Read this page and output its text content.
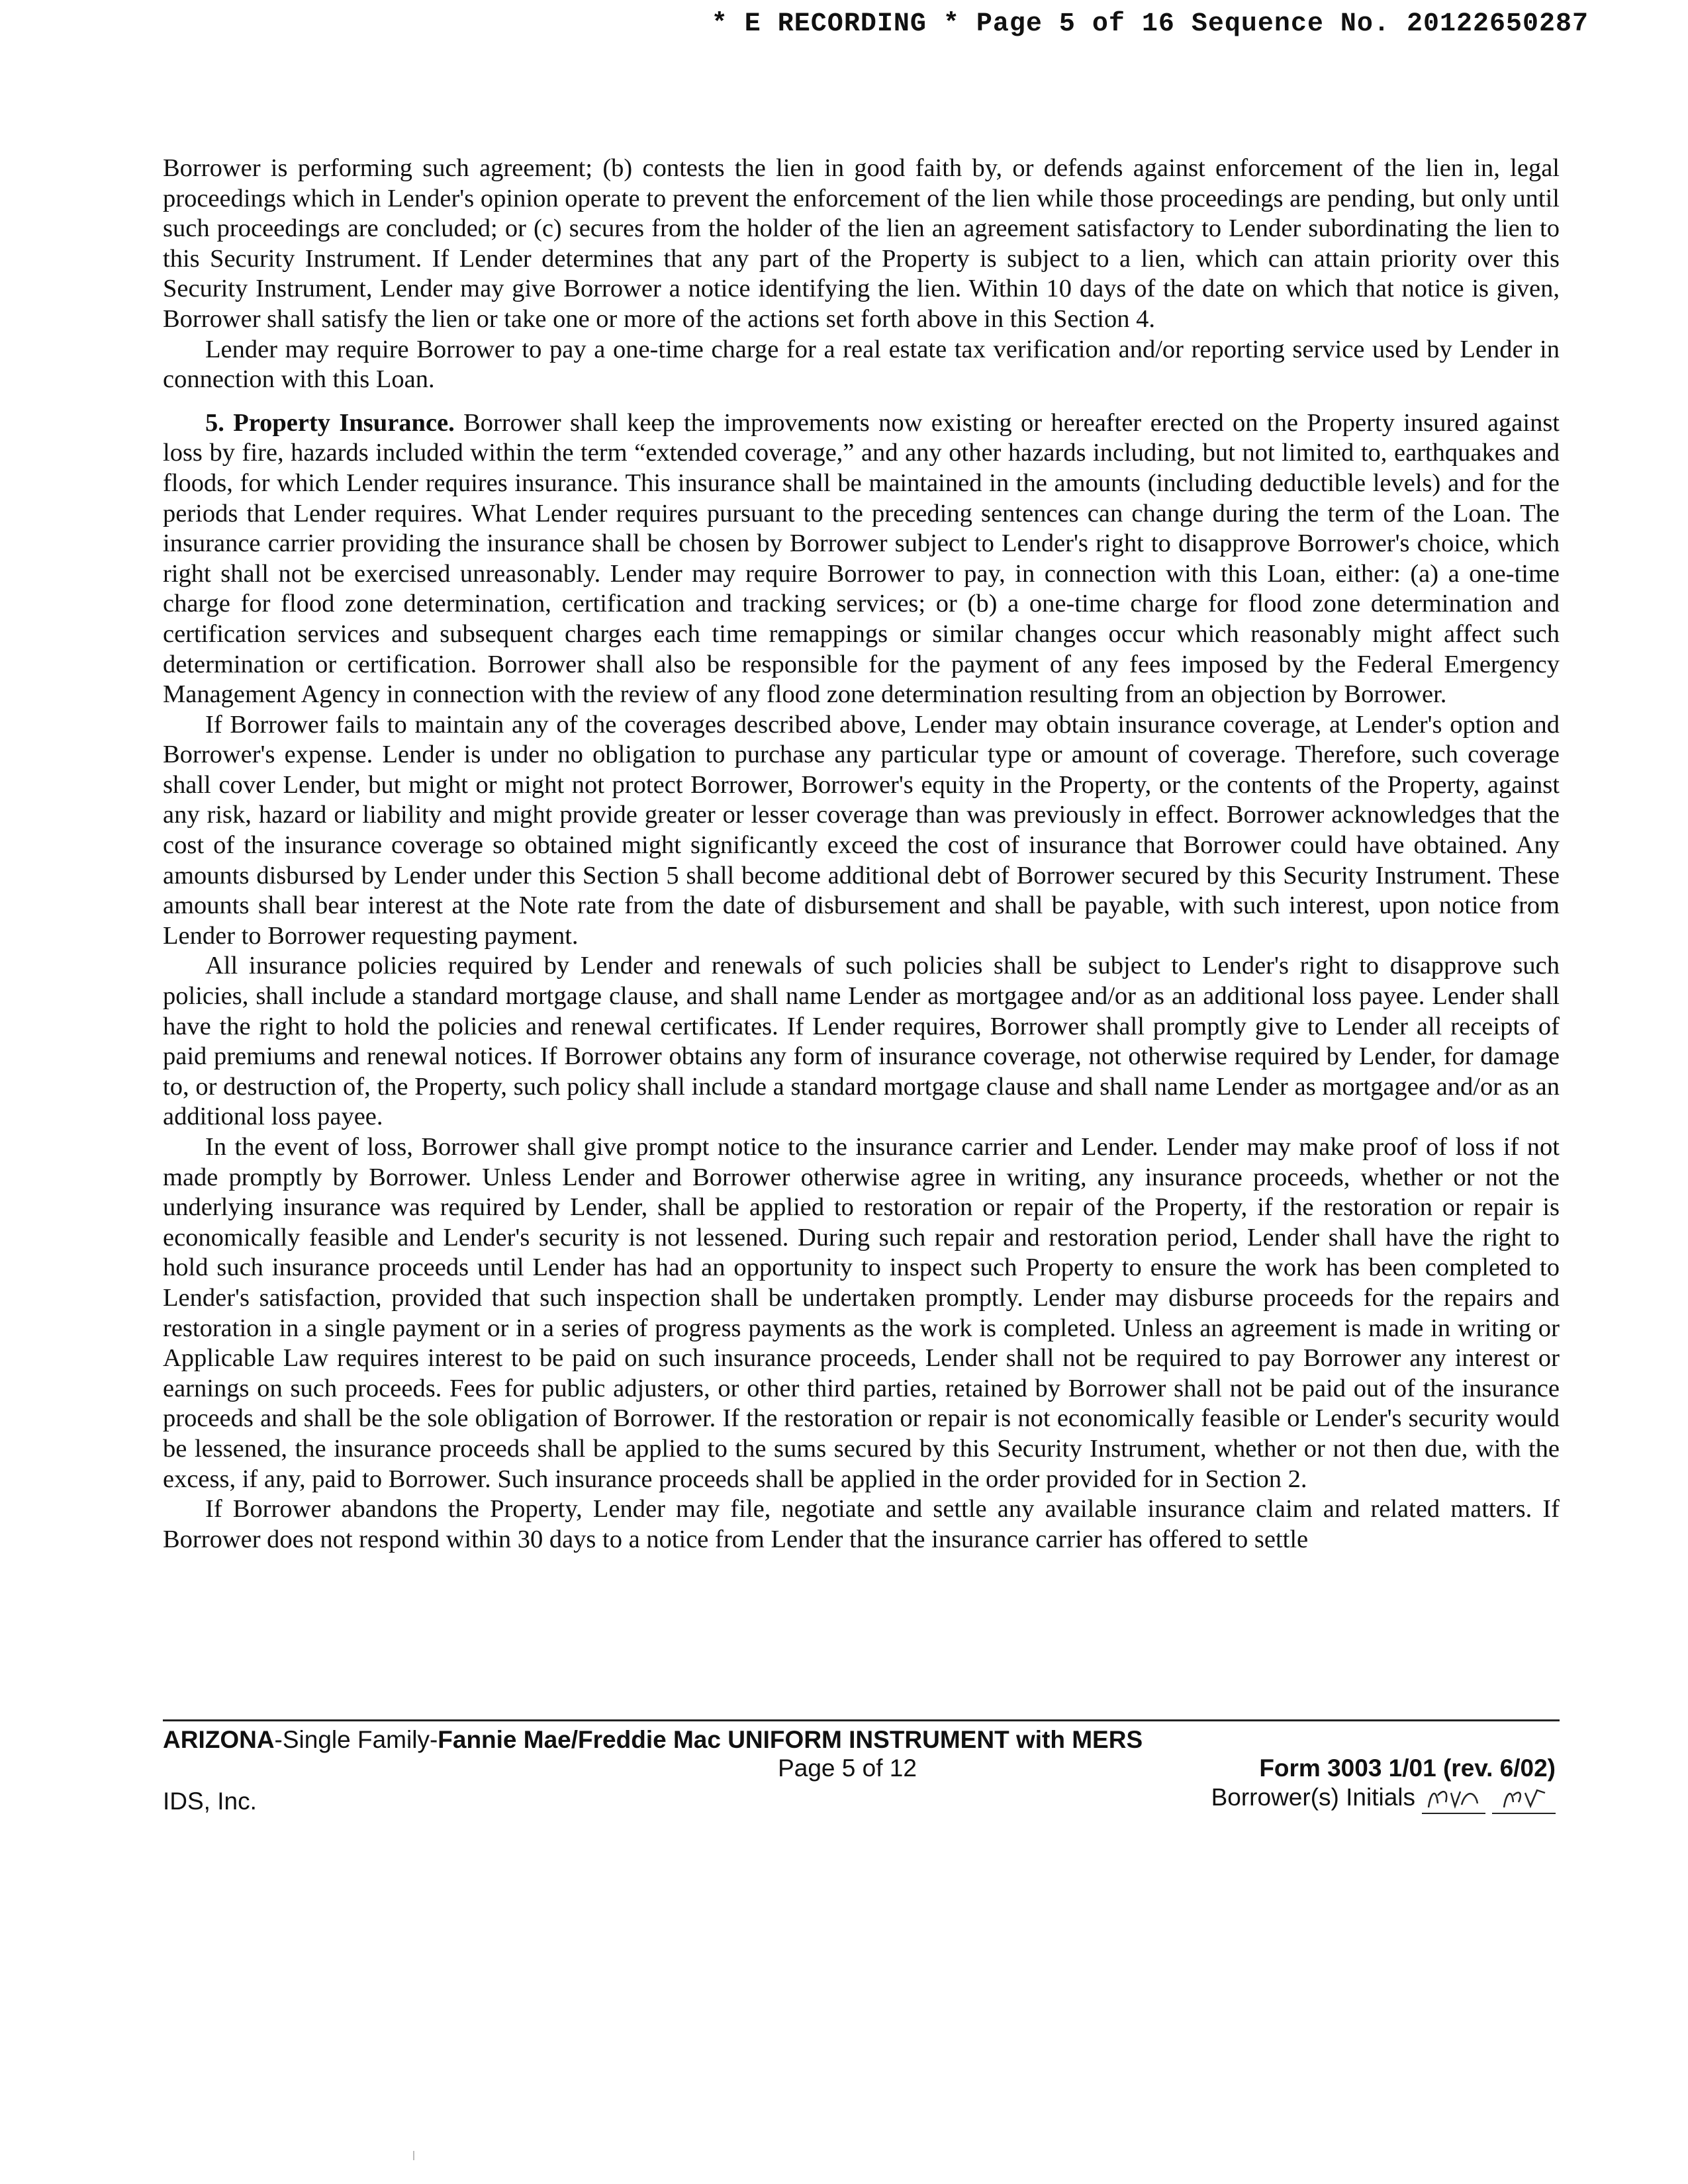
* E RECORDING * Page 5 of 16 Sequence No. 20122650287

Borrower is performing such agreement; (b) contests the lien in good faith by, or defends against enforcement of the lien in, legal proceedings which in Lender's opinion operate to prevent the enforcement of the lien while those proceedings are pending, but only until such proceedings are concluded; or (c) secures from the holder of the lien an agreement satisfactory to Lender subordinating the lien to this Security Instrument. If Lender determines that any part of the Property is subject to a lien, which can attain priority over this Security Instrument, Lender may give Borrower a notice identifying the lien. Within 10 days of the date on which that notice is given, Borrower shall satisfy the lien or take one or more of the actions set forth above in this Section 4.

Lender may require Borrower to pay a one-time charge for a real estate tax verification and/or reporting service used by Lender in connection with this Loan.

5. Property Insurance. Borrower shall keep the improvements now existing or hereafter erected on the Property insured against loss by fire, hazards included within the term “extended coverage,” and any other hazards including, but not limited to, earthquakes and floods, for which Lender requires insurance. This insurance shall be maintained in the amounts (including deductible levels) and for the periods that Lender requires. What Lender requires pursuant to the preceding sentences can change during the term of the Loan. The insurance carrier providing the insurance shall be chosen by Borrower subject to Lender's right to disapprove Borrower's choice, which right shall not be exercised unreasonably. Lender may require Borrower to pay, in connection with this Loan, either: (a) a one-time charge for flood zone determination, certification and tracking services; or (b) a one-time charge for flood zone determination and certification services and subsequent charges each time remappings or similar changes occur which reasonably might affect such determination or certification. Borrower shall also be responsible for the payment of any fees imposed by the Federal Emergency Management Agency in connection with the review of any flood zone determination resulting from an objection by Borrower.

If Borrower fails to maintain any of the coverages described above, Lender may obtain insurance coverage, at Lender's option and Borrower's expense. Lender is under no obligation to purchase any particular type or amount of coverage. Therefore, such coverage shall cover Lender, but might or might not protect Borrower, Borrower's equity in the Property, or the contents of the Property, against any risk, hazard or liability and might provide greater or lesser coverage than was previously in effect. Borrower acknowledges that the cost of the insurance coverage so obtained might significantly exceed the cost of insurance that Borrower could have obtained. Any amounts disbursed by Lender under this Section 5 shall become additional debt of Borrower secured by this Security Instrument. These amounts shall bear interest at the Note rate from the date of disbursement and shall be payable, with such interest, upon notice from Lender to Borrower requesting payment.

All insurance policies required by Lender and renewals of such policies shall be subject to Lender's right to disapprove such policies, shall include a standard mortgage clause, and shall name Lender as mortgagee and/or as an additional loss payee. Lender shall have the right to hold the policies and renewal certificates. If Lender requires, Borrower shall promptly give to Lender all receipts of paid premiums and renewal notices. If Borrower obtains any form of insurance coverage, not otherwise required by Lender, for damage to, or destruction of, the Property, such policy shall include a standard mortgage clause and shall name Lender as mortgagee and/or as an additional loss payee.

In the event of loss, Borrower shall give prompt notice to the insurance carrier and Lender. Lender may make proof of loss if not made promptly by Borrower. Unless Lender and Borrower otherwise agree in writing, any insurance proceeds, whether or not the underlying insurance was required by Lender, shall be applied to restoration or repair of the Property, if the restoration or repair is economically feasible and Lender's security is not lessened. During such repair and restoration period, Lender shall have the right to hold such insurance proceeds until Lender has had an opportunity to inspect such Property to ensure the work has been completed to Lender's satisfaction, provided that such inspection shall be undertaken promptly. Lender may disburse proceeds for the repairs and restoration in a single payment or in a series of progress payments as the work is completed. Unless an agreement is made in writing or Applicable Law requires interest to be paid on such insurance proceeds, Lender shall not be required to pay Borrower any interest or earnings on such proceeds. Fees for public adjusters, or other third parties, retained by Borrower shall not be paid out of the insurance proceeds and shall be the sole obligation of Borrower. If the restoration or repair is not economically feasible or Lender's security would be lessened, the insurance proceeds shall be applied to the sums secured by this Security Instrument, whether or not then due, with the excess, if any, paid to Borrower. Such insurance proceeds shall be applied in the order provided for in Section 2.

If Borrower abandons the Property, Lender may file, negotiate and settle any available insurance claim and related matters. If Borrower does not respond within 30 days to a notice from Lender that the insurance carrier has offered to settle

ARIZONA-Single Family-Fannie Mae/Freddie Mac UNIFORM INSTRUMENT with MERS
Page 5 of 12	Form 3003 1/01 (rev. 6/02)
IDS, Inc.	Borrower(s) Initials
